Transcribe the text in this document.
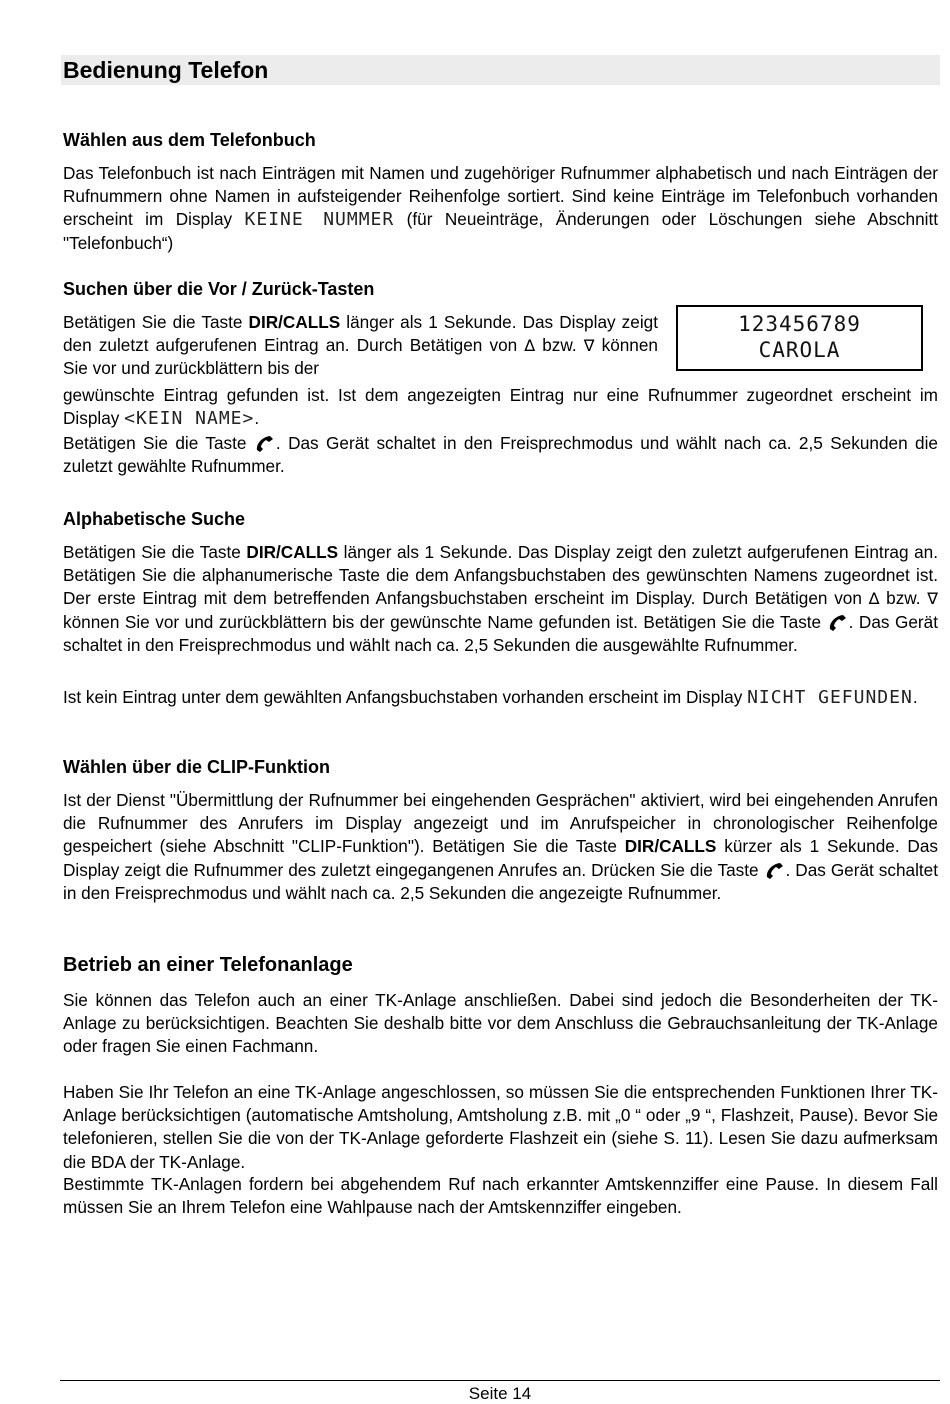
Bedienung Telefon
Wählen aus dem Telefonbuch
Das Telefonbuch ist nach Einträgen mit Namen und zugehöriger Rufnummer alphabetisch und nach Einträgen der Rufnummern ohne Namen in aufsteigender Reihenfolge sortiert. Sind keine Einträge im Telefonbuch vorhanden erscheint im Display KEINE NUMMER (für Neueinträge, Änderungen oder Löschungen siehe Abschnitt "Telefonbuch“)
Suchen über die Vor / Zurück-Tasten
123456789
CAROLA
Betätigen Sie die Taste DIR/CALLS länger als 1 Sekunde. Das Display zeigt den zuletzt aufgerufenen Eintrag an. Durch Betätigen von ∆ bzw. ∇ können Sie vor und zurückblättern bis der
gewünschte Eintrag gefunden ist. Ist dem angezeigten Eintrag nur eine Rufnummer zugeordnet erscheint im Display <KEIN NAME>.
Betätigen Sie die Taste . Das Gerät schaltet in den Freisprechmodus und wählt nach ca. 2,5 Sekunden die zuletzt gewählte Rufnummer.
Alphabetische Suche
Betätigen Sie die Taste DIR/CALLS länger als 1 Sekunde. Das Display zeigt den zuletzt aufgerufenen Eintrag an. Betätigen Sie die alphanumerische Taste die dem Anfangsbuchstaben des gewünschten Namens zugeordnet ist. Der erste Eintrag mit dem betreffenden Anfangsbuchstaben erscheint im Display. Durch Betätigen von ∆ bzw. ∇ können Sie vor und zurückblättern bis der gewünschte Name gefunden ist. Betätigen Sie die Taste . Das Gerät schaltet in den Freisprechmodus und wählt nach ca. 2,5 Sekunden die ausgewählte Rufnummer.
Ist kein Eintrag unter dem gewählten Anfangsbuchstaben vorhanden erscheint im Display NICHT GEFUNDEN.
Wählen über die CLIP-Funktion
Ist der Dienst "Übermittlung der Rufnummer bei eingehenden Gesprächen" aktiviert, wird bei eingehenden Anrufen die Rufnummer des Anrufers im Display angezeigt und im Anrufspeicher in chronologischer Reihenfolge gespeichert (siehe Abschnitt "CLIP-Funktion"). Betätigen Sie die Taste DIR/CALLS kürzer als 1 Sekunde. Das Display zeigt die Rufnummer des zuletzt eingegangenen Anrufes an. Drücken Sie die Taste . Das Gerät schaltet in den Freisprechmodus und wählt nach ca. 2,5 Sekunden die angezeigte Rufnummer.
Betrieb an einer Telefonanlage
Sie können das Telefon auch an einer TK-Anlage anschließen. Dabei sind jedoch die Besonderheiten der TK-Anlage zu berücksichtigen. Beachten Sie deshalb bitte vor dem Anschluss die Gebrauchsanleitung der TK-Anlage oder fragen Sie einen Fachmann.
Haben Sie Ihr Telefon an eine TK-Anlage angeschlossen, so müssen Sie die entsprechenden Funktionen Ihrer TK-Anlage berücksichtigen (automatische Amtsholung, Amtsholung z.B. mit „0 “ oder „9 “, Flashzeit, Pause). Bevor Sie telefonieren, stellen Sie die von der TK-Anlage geforderte Flashzeit ein (siehe S. 11). Lesen Sie dazu aufmerksam die BDA der TK-Anlage.
Bestimmte TK-Anlagen fordern bei abgehendem Ruf nach erkannter Amtskennziffer eine Pause. In diesem Fall müssen Sie an Ihrem Telefon eine Wahlpause nach der Amtskennziffer eingeben.
Seite 14
